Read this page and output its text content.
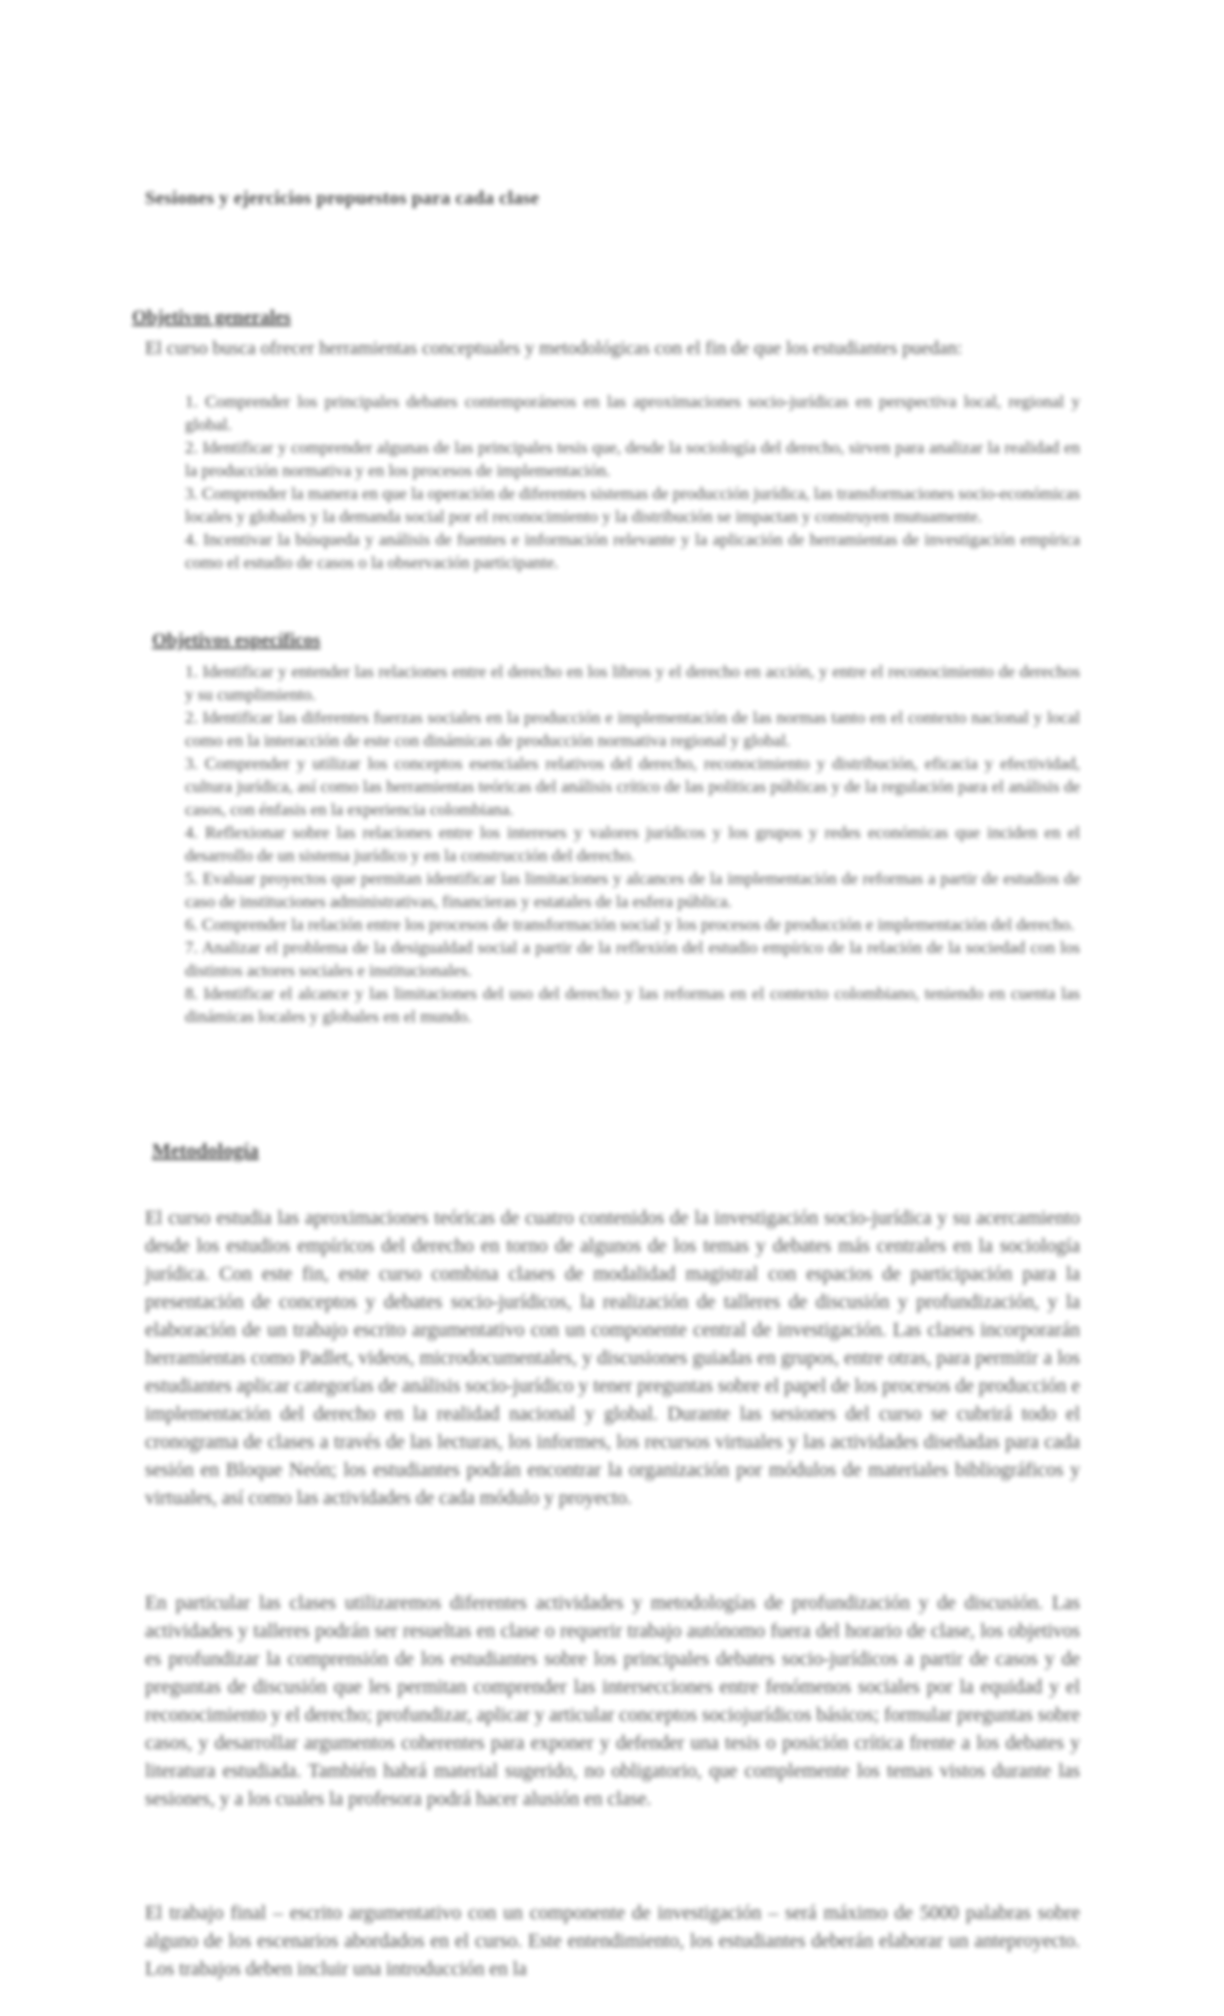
Sesiones y ejercicios propuestos para cada clase
Objetivos generales
El curso busca ofrecer herramientas conceptuales y metodológicas con el fin de que los estudiantes puedan:
1. Comprender los principales debates contemporáneos en las aproximaciones socio-jurídicas en perspectiva local, regional y global.
2. Identificar y comprender algunas de las principales tesis que, desde la sociología del derecho, sirven para analizar la realidad en la producción normativa y en los procesos de implementación.
3. Comprender la manera en que la operación de diferentes sistemas de producción jurídica, las transformaciones socio-económicas locales y globales y la demanda social por el reconocimiento y la distribución se impactan y construyen mutuamente.
4. Incentivar la búsqueda y análisis de fuentes e información relevante y la aplicación de herramientas de investigación empírica como el estudio de casos o la observación participante.
Objetivos específicos
1. Identificar y entender las relaciones entre el derecho en los libros y el derecho en acción, y entre el reconocimiento de derechos y su cumplimiento.
2. Identificar las diferentes fuerzas sociales en la producción e implementación de las normas tanto en el contexto nacional y local como en la interacción de este con dinámicas de producción normativa regional y global.
3. Comprender y utilizar los conceptos esenciales relativos del derecho, reconocimiento y distribución, eficacia y efectividad, cultura jurídica, así como las herramientas teóricas del análisis crítico de las políticas públicas y de la regulación para el análisis de casos, con énfasis en la experiencia colombiana.
4. Reflexionar sobre las relaciones entre los intereses y valores jurídicos y los grupos y redes económicas que inciden en el desarrollo de un sistema jurídico y en la construcción del derecho.
5. Evaluar proyectos que permitan identificar las limitaciones y alcances de la implementación de reformas a partir de estudios de caso de instituciones administrativas, financieras y estatales de la esfera pública.
6. Comprender la relación entre los procesos de transformación social y los procesos de producción e implementación del derecho.
7. Analizar el problema de la desigualdad social a partir de la reflexión del estudio empírico de la relación de la sociedad con los distintos actores sociales e institucionales.
8. Identificar el alcance y las limitaciones del uso del derecho y las reformas en el contexto colombiano, teniendo en cuenta las dinámicas locales y globales en el mundo.
Metodología
El curso estudia las aproximaciones teóricas de cuatro contenidos de la investigación socio-jurídica y su acercamiento desde los estudios empíricos del derecho en torno de algunos de los temas y debates más centrales en la sociología jurídica. Con este fin, este curso combina clases de modalidad magistral con espacios de participación para la presentación de conceptos y debates socio-jurídicos, la realización de talleres de discusión y profundización, y la elaboración de un trabajo escrito argumentativo con un componente central de investigación. Las clases incorporarán herramientas como Padlet, videos, microdocumentales, y discusiones guiadas en grupos, entre otras, para permitir a los estudiantes aplicar categorías de análisis socio-jurídico y tener preguntas sobre el papel de los procesos de producción e implementación del derecho en la realidad nacional y global. Durante las sesiones del curso se cubrirá todo el cronograma de clases a través de las lecturas, los informes, los recursos virtuales y las actividades diseñadas para cada sesión en Bloque Neón; los estudiantes podrán encontrar la organización por módulos de materiales bibliográficos y virtuales, así como las actividades de cada módulo y proyecto.
En particular las clases utilizaremos diferentes actividades y metodologías de profundización y de discusión. Las actividades y talleres podrán ser resueltas en clase o requerir trabajo autónomo fuera del horario de clase, los objetivos es profundizar la comprensión de los estudiantes sobre los principales debates socio-jurídicos a partir de casos y de preguntas de discusión que les permitan comprender las intersecciones entre fenómenos sociales por la equidad y el reconocimiento y el derecho; profundizar, aplicar y articular conceptos sociojurídicos básicos; formular preguntas sobre casos, y desarrollar argumentos coherentes para exponer y defender una tesis o posición crítica frente a los debates y literatura estudiada. También habrá material sugerido, no obligatorio, que complemente los temas vistos durante las sesiones, y a los cuales la profesora podrá hacer alusión en clase.
El trabajo final – escrito argumentativo con un componente de investigación – será máximo de 5000 palabras sobre alguno de los escenarios abordados en el curso. Este entendimiento, los estudiantes deberán elaborar un anteproyecto. Los trabajos deben incluir una introducción en la
